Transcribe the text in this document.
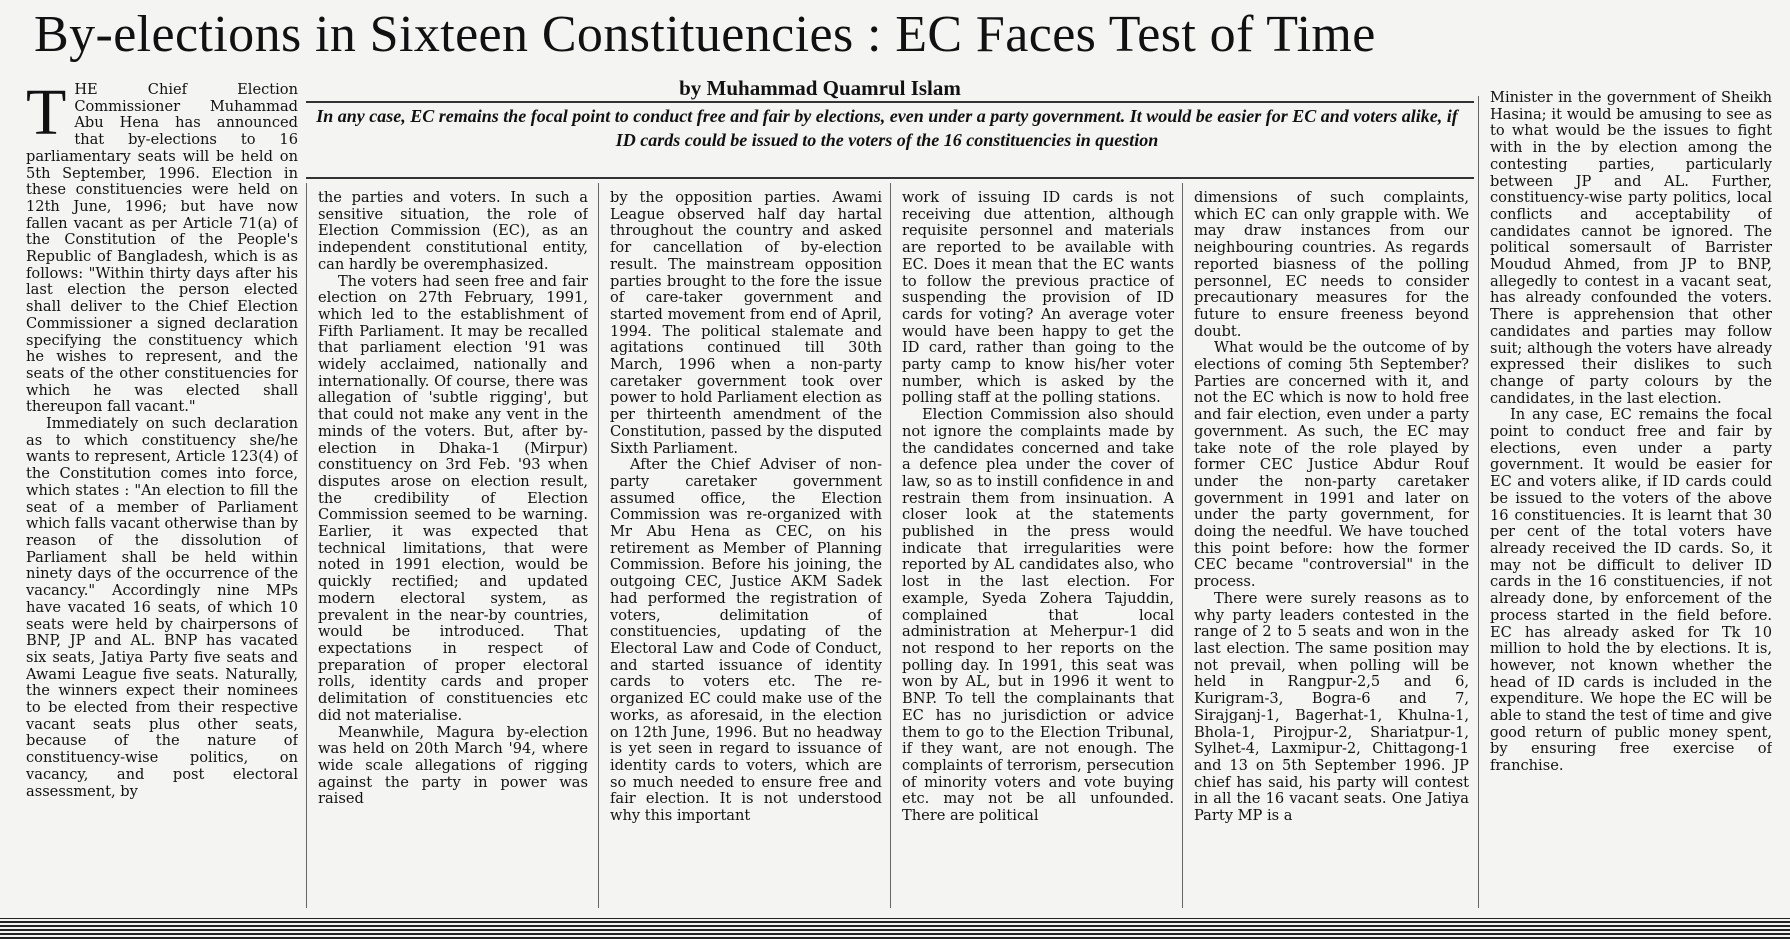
By-elections in Sixteen Constituencies : EC Faces Test of Time
by Muhammad Quamrul Islam
In any case, EC remains the focal point to conduct free and fair by elections, even under a party government. It would be easier for EC and voters alike, if ID cards could be issued to the voters of the 16 constituencies in question

THE Chief Election Commissioner Muhammad Abu Hena has announced that by-elections to 16 parliamentary seats will be held on 5th September, 1996. Election in these constituencies were held on 12th June, 1996; but have now fallen vacant as per Article 71(a) of the Constitution of the People's Republic of Bangladesh, which is as follows: "Within thirty days after his last election the person elected shall deliver to the Chief Election Commissioner a signed declaration specifying the constituency which he wishes to represent, and the seats of the other constituencies for which he was elected shall thereupon fall vacant."

Immediately on such declaration as to which constituency she/he wants to represent, Article 123(4) of the Constitution comes into force, which states : "An election to fill the seat of a member of Parliament which falls vacant otherwise than by reason of the dissolution of Parliament shall be held within ninety days of the occurrence of the vacancy." Accordingly nine MPs have vacated 16 seats, of which 10 seats were held by chairpersons of BNP, JP and AL. BNP has vacated six seats, Jatiya Party five seats and Awami League five seats. Naturally, the winners expect their nominees to be elected from their respective vacant seats plus other seats, because of the nature of constituency-wise politics, on vacancy, and post electoral assessment, by

the parties and voters. In such a sensitive situation, the role of Election Commission (EC), as an independent constitutional entity, can hardly be overemphasized.

The voters had seen free and fair election on 27th February, 1991, which led to the establishment of Fifth Parliament. It may be recalled that parliament election '91 was widely acclaimed, nationally and internationally. Of course, there was allegation of 'subtle rigging', but that could not make any vent in the minds of the voters. But, after by-election in Dhaka-1 (Mirpur) constituency on 3rd Feb. '93 when disputes arose on election result, the credibility of Election Commission seemed to be warning. Earlier, it was expected that technical limitations, that were noted in 1991 election, would be quickly rectified; and updated modern electoral system, as prevalent in the near-by countries, would be introduced. That expectations in respect of preparation of proper electoral rolls, identity cards and proper delimitation of constituencies etc did not materialise.

Meanwhile, Magura by-election was held on 20th March '94, where wide scale allegations of rigging against the party in power was raised

by the opposition parties. Awami League observed half day hartal throughout the country and asked for cancellation of by-election result. The mainstream opposition parties brought to the fore the issue of care-taker government and started movement from end of April, 1994. The political stalemate and agitations continued till 30th March, 1996 when a non-party caretaker government took over power to hold Parliament election as per thirteenth amendment of the Constitution, passed by the disputed Sixth Parliament.

After the Chief Adviser of non-party caretaker government assumed office, the Election Commission was re-organized with Mr Abu Hena as CEC, on his retirement as Member of Planning Commission. Before his joining, the outgoing CEC, Justice AKM Sadek had performed the registration of voters, delimitation of constituencies, updating of the Electoral Law and Code of Conduct, and started issuance of identity cards to voters etc. The re-organized EC could make use of the works, as aforesaid, in the election on 12th June, 1996. But no headway is yet seen in regard to issuance of identity cards to voters, which are so much needed to ensure free and fair election. It is not understood why this important

work of issuing ID cards is not receiving due attention, although requisite personnel and materials are reported to be available with EC. Does it mean that the EC wants to follow the previous practice of suspending the provision of ID cards for voting? An average voter would have been happy to get the ID card, rather than going to the party camp to know his/her voter number, which is asked by the polling staff at the polling stations.

Election Commission also should not ignore the complaints made by the candidates concerned and take a defence plea under the cover of law, so as to instill confidence in and restrain them from insinuation. A closer look at the statements published in the press would indicate that irregularities were reported by AL candidates also, who lost in the last election. For example, Syeda Zohera Tajuddin, complained that local administration at Meherpur-1 did not respond to her reports on the polling day. In 1991, this seat was won by AL, but in 1996 it went to BNP. To tell the complainants that EC has no jurisdiction or advice them to go to the Election Tribunal, if they want, are not enough. The complaints of terrorism, persecution of minority voters and vote buying etc. may not be all unfounded. There are political

dimensions of such complaints, which EC can only grapple with. We may draw instances from our neighbouring countries. As regards reported biasness of the polling personnel, EC needs to consider precautionary measures for the future to ensure freeness beyond doubt.

What would be the outcome of by elections of coming 5th September? Parties are concerned with it, and not the EC which is now to hold free and fair election, even under a party government. As such, the EC may take note of the role played by former CEC Justice Abdur Rouf under the non-party caretaker government in 1991 and later on under the party government, for doing the needful. We have touched this point before: how the former CEC became "controversial" in the process.

There were surely reasons as to why party leaders contested in the range of 2 to 5 seats and won in the last election. The same position may not prevail, when polling will be held in Rangpur-2,5 and 6, Kurigram-3, Bogra-6 and 7, Sirajganj-1, Bagerhat-1, Khulna-1, Bhola-1, Pirojpur-2, Shariatpur-1, Sylhet-4, Laxmipur-2, Chittagong-1 and 13 on 5th September 1996. JP chief has said, his party will contest in all the 16 vacant seats. One Jatiya Party MP is a

Minister in the government of Sheikh Hasina; it would be amusing to see as to what would be the issues to fight with in the by election among the contesting parties, particularly between JP and AL. Further, constituency-wise party politics, local conflicts and acceptability of candidates cannot be ignored. The political somersault of Barrister Moudud Ahmed, from JP to BNP, allegedly to contest in a vacant seat, has already confounded the voters. There is apprehension that other candidates and parties may follow suit; although the voters have already expressed their dislikes to such change of party colours by the candidates, in the last election.

In any case, EC remains the focal point to conduct free and fair by elections, even under a party government. It would be easier for EC and voters alike, if ID cards could be issued to the voters of the above 16 constituencies. It is learnt that 30 per cent of the total voters have already received the ID cards. So, it may not be difficult to deliver ID cards in the 16 constituencies, if not already done, by enforcement of the process started in the field before. EC has already asked for Tk 10 million to hold the by elections. It is, however, not known whether the head of ID cards is included in the expenditure. We hope the EC will be able to stand the test of time and give good return of public money spent, by ensuring free exercise of franchise.
